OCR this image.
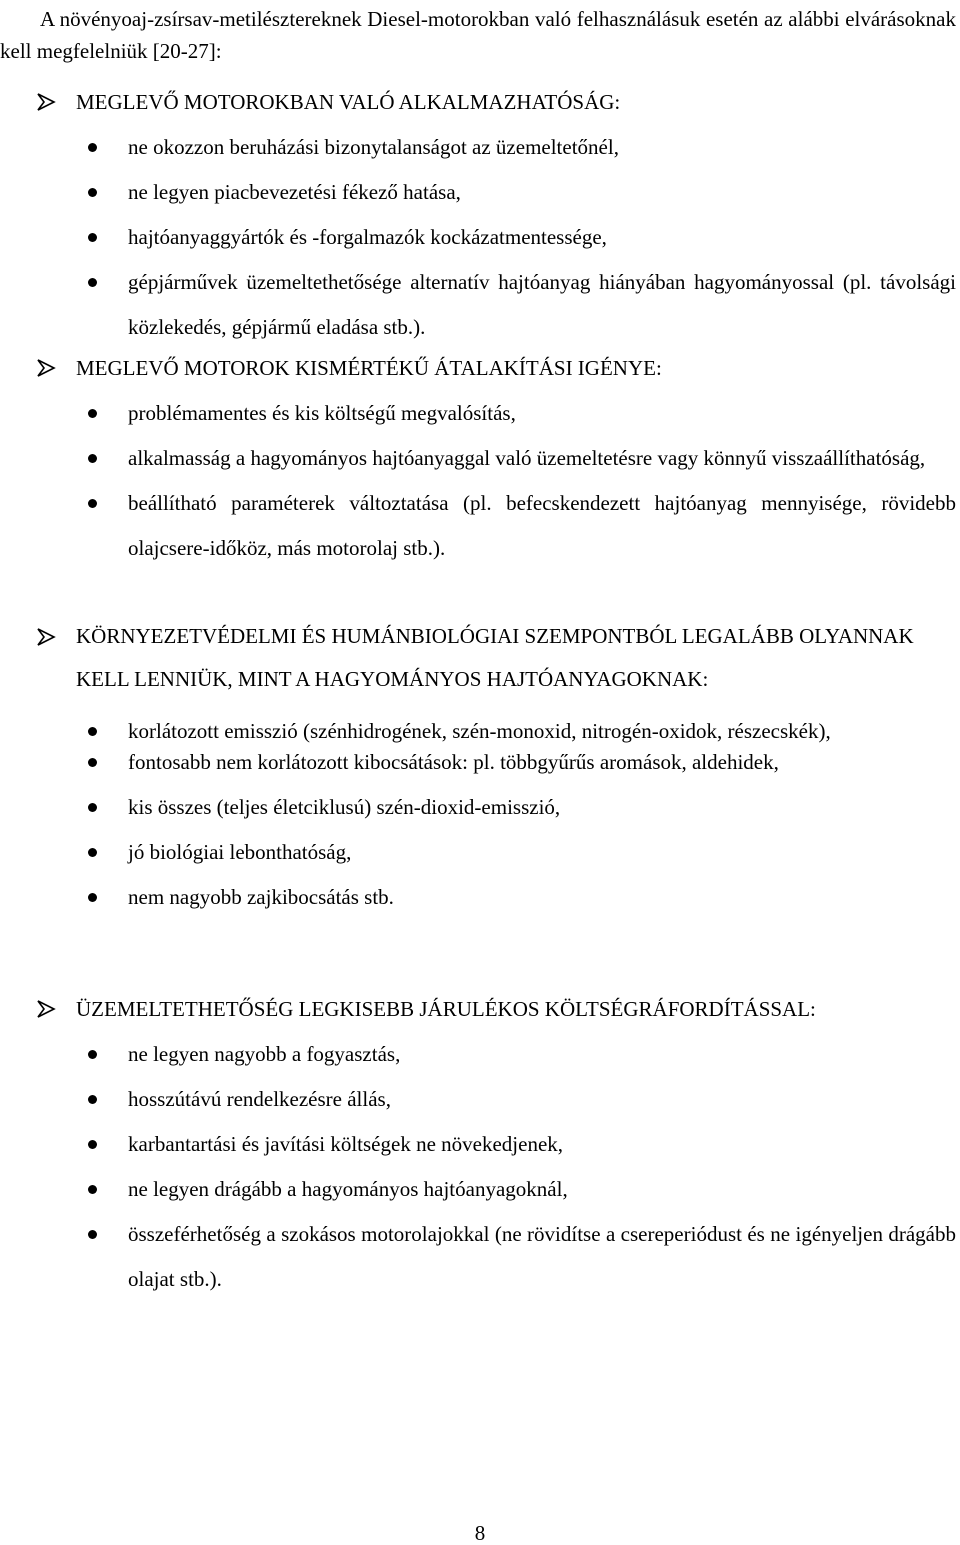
A növényoaj-zsírsav-metilésztereknek Diesel-motorokban való felhasználásuk esetén az alábbi elvárásoknak kell megfelelniük [20-27]:

MEGLEVŐ MOTOROKBAN VALÓ ALKALMAZHATÓSÁG:
ne okozzon beruházási bizonytalanságot az üzemeltetőnél,
ne legyen piacbevezetési fékező hatása,
hajtóanyaggyártók és -forgalmazók kockázatmentessége,
gépjárművek üzemeltethetősége alternatív hajtóanyag hiányában hagyományossal (pl. távolsági közlekedés, gépjármű eladása stb.).
MEGLEVŐ MOTOROK KISMÉRTÉKŰ ÁTALAKÍTÁSI IGÉNYE:
problémamentes és kis költségű megvalósítás,
alkalmasság a hagyományos hajtóanyaggal való üzemeltetésre vagy könnyű visszaállíthatóság,
beállítható paraméterek változtatása (pl. befecskendezett hajtóanyag mennyisége, rövidebb olajcsere-időköz, más motorolaj stb.).
KÖRNYEZETVÉDELMI ÉS HUMÁNBIOLÓGIAI SZEMPONTBÓL LEGALÁBB OLYANNAK KELL LENNIÜK, MINT A HAGYOMÁNYOS HAJTÓANYAGOKNAK:
korlátozott emisszió (szénhidrogének, szén-monoxid, nitrogén-oxidok, részecskék),
fontosabb nem korlátozott kibocsátások: pl. többgyűrűs aromások, aldehidek,
kis összes (teljes életciklusú) szén-dioxid-emisszió,
jó biológiai lebonthatóság,
nem nagyobb zajkibocsátás stb.
ÜZEMELTETHETŐSÉG LEGKISEBB JÁRULÉKOS KÖLTSÉGRÁFORDÍTÁSSAL:
ne legyen nagyobb a fogyasztás,
hosszútávú rendelkezésre állás,
karbantartási és javítási költségek ne növekedjenek,
ne legyen drágább a hagyományos hajtóanyagoknál,
összeférhetőség a szokásos motorolajokkal (ne rövidítse a csereperiódust és ne igényeljen drágább olajat stb.).
8
